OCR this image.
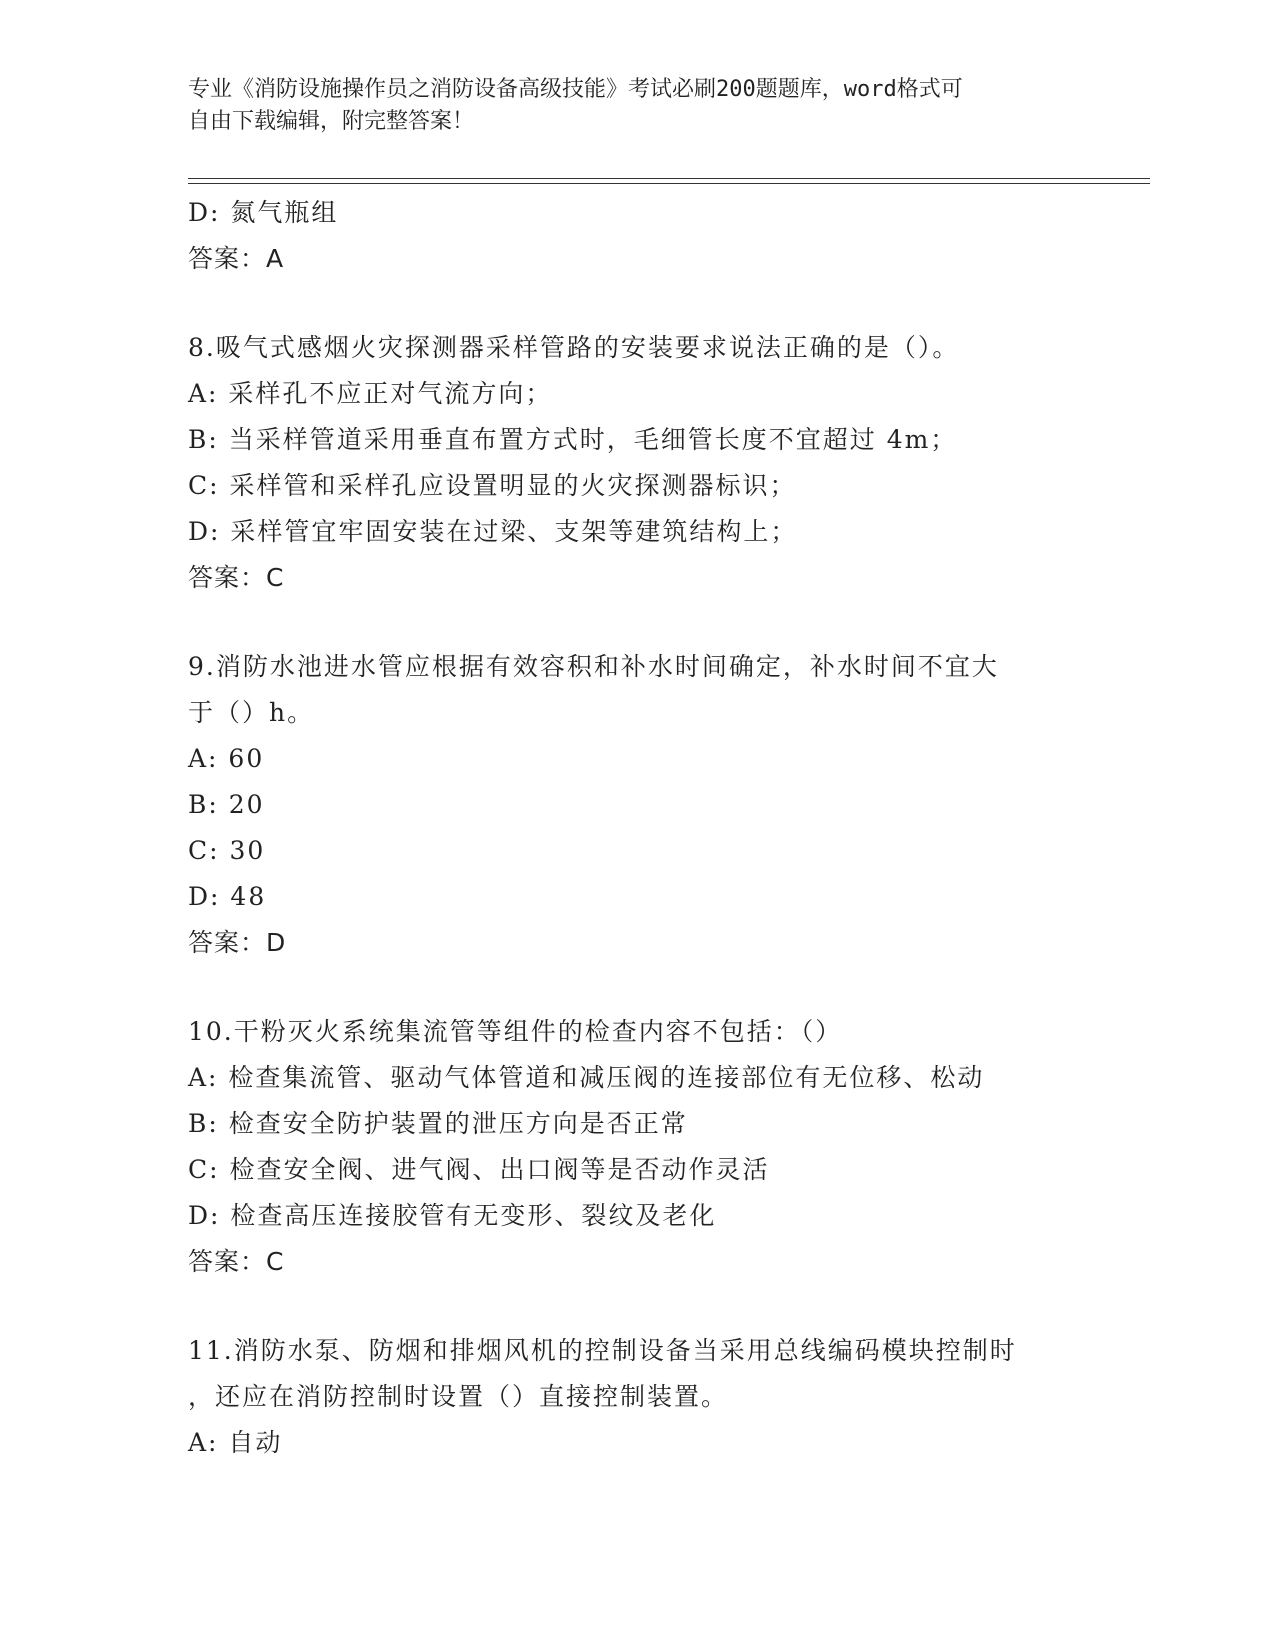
专业《消防设施操作员之消防设备高级技能》考试必刷200题题库，word格式可
自由下载编辑，附完整答案！
D: 氮气瓶组
答案：A
8.吸气式感烟火灾探测器采样管路的安装要求说法正确的是（）。
A: 采样孔不应正对气流方向；
B: 当采样管道采用垂直布置方式时，毛细管长度不宜超过 4m；
C: 采样管和采样孔应设置明显的火灾探测器标识；
D: 采样管宜牢固安装在过梁、支架等建筑结构上；
答案：C
9.消防水池进水管应根据有效容积和补水时间确定，补水时间不宜大
于（）h。
A: 60
B: 20
C: 30
D: 48
答案：D
10.干粉灭火系统集流管等组件的检查内容不包括：（）
A: 检查集流管、驱动气体管道和减压阀的连接部位有无位移、松动
B: 检查安全防护装置的泄压方向是否正常
C: 检查安全阀、进气阀、出口阀等是否动作灵活
D: 检查高压连接胶管有无变形、裂纹及老化
答案：C
11.消防水泵、防烟和排烟风机的控制设备当采用总线编码模块控制时
，还应在消防控制时设置（）直接控制装置。
A: 自动
